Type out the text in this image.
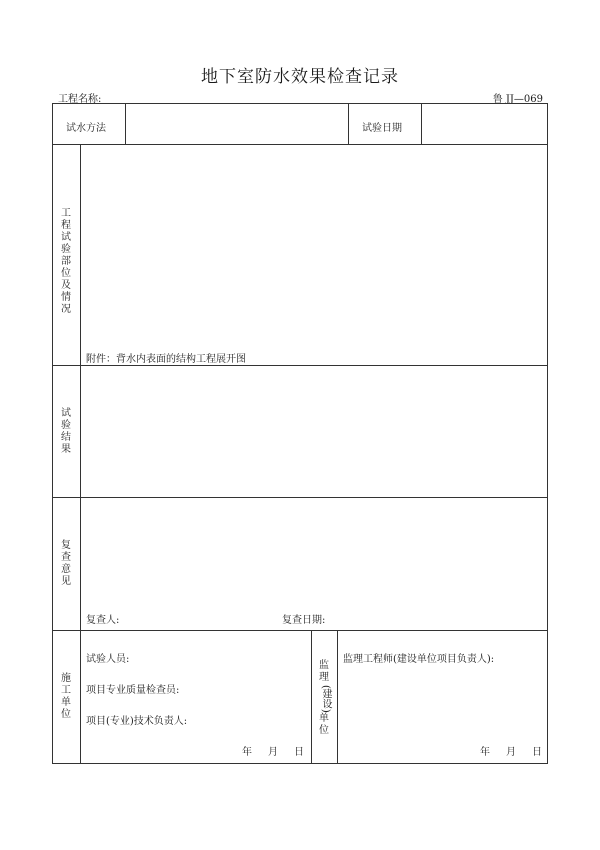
地下室防水效果检查记录
工程名称:	鲁 JJ—069
试水方法	试验日期
工程试验部位及情况
附件：背水内表面的结构工程展开图
试验结果
复查意见
复查人:	复查日期:
施工单位
试验人员:
项目专业质量检查员:
项目(专业)技术负责人:
年 月 日
监理
(建设)
单位
监理工程师(建设单位项目负责人):
年 月 日
